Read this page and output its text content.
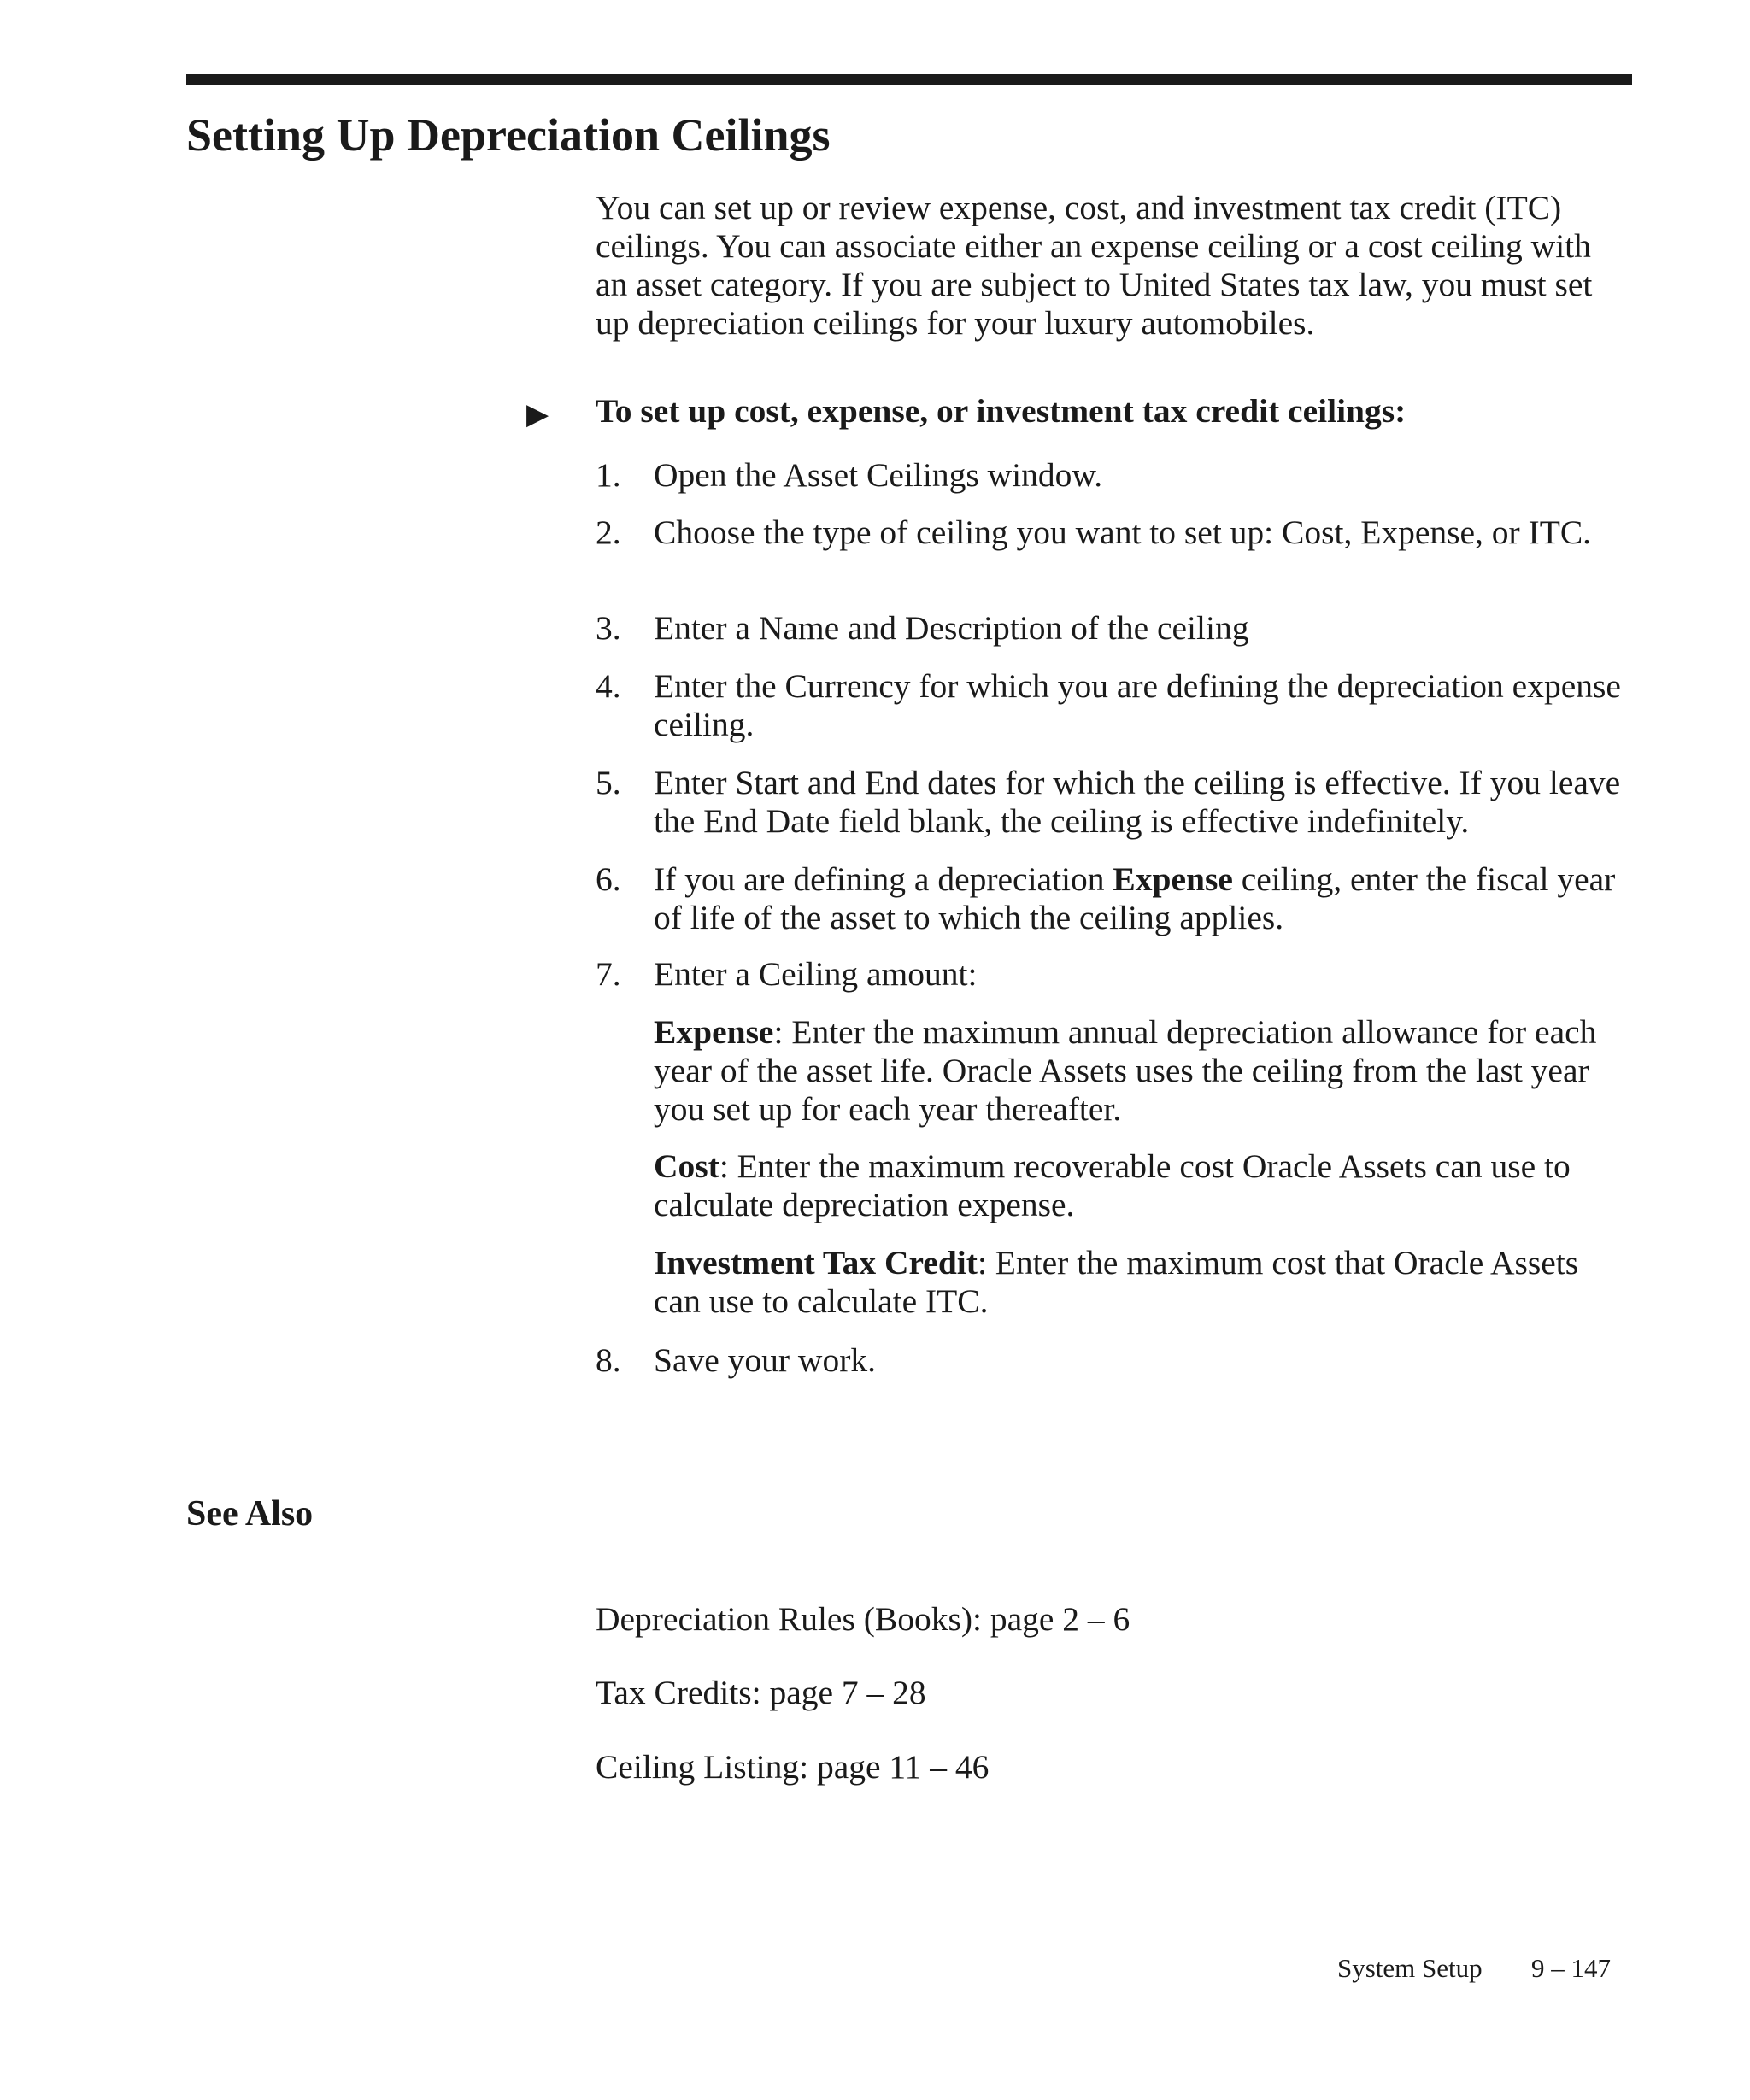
Setting Up Depreciation Ceilings

You can set up or review expense, cost, and investment tax credit (ITC) ceilings. You can associate either an expense ceiling or a cost ceiling with an asset category. If you are subject to United States tax law, you must set up depreciation ceilings for your luxury automobiles.

▶ To set up cost, expense, or investment tax credit ceilings:

1. Open the Asset Ceilings window.
2. Choose the type of ceiling you want to set up: Cost, Expense, or ITC.
3. Enter a Name and Description of the ceiling
4. Enter the Currency for which you are defining the depreciation expense ceiling.
5. Enter Start and End dates for which the ceiling is effective. If you leave the End Date field blank, the ceiling is effective indefinitely.
6. If you are defining a depreciation Expense ceiling, enter the fiscal year of life of the asset to which the ceiling applies.
7. Enter a Ceiling amount:

Expense: Enter the maximum annual depreciation allowance for each year of the asset life. Oracle Assets uses the ceiling from the last year you set up for each year thereafter.

Cost: Enter the maximum recoverable cost Oracle Assets can use to calculate depreciation expense.

Investment Tax Credit: Enter the maximum cost that Oracle Assets can use to calculate ITC.

8. Save your work.
See Also
Depreciation Rules (Books): page 2 – 6
Tax Credits: page 7 – 28
Ceiling Listing: page 11 – 46
System Setup 9 – 147
